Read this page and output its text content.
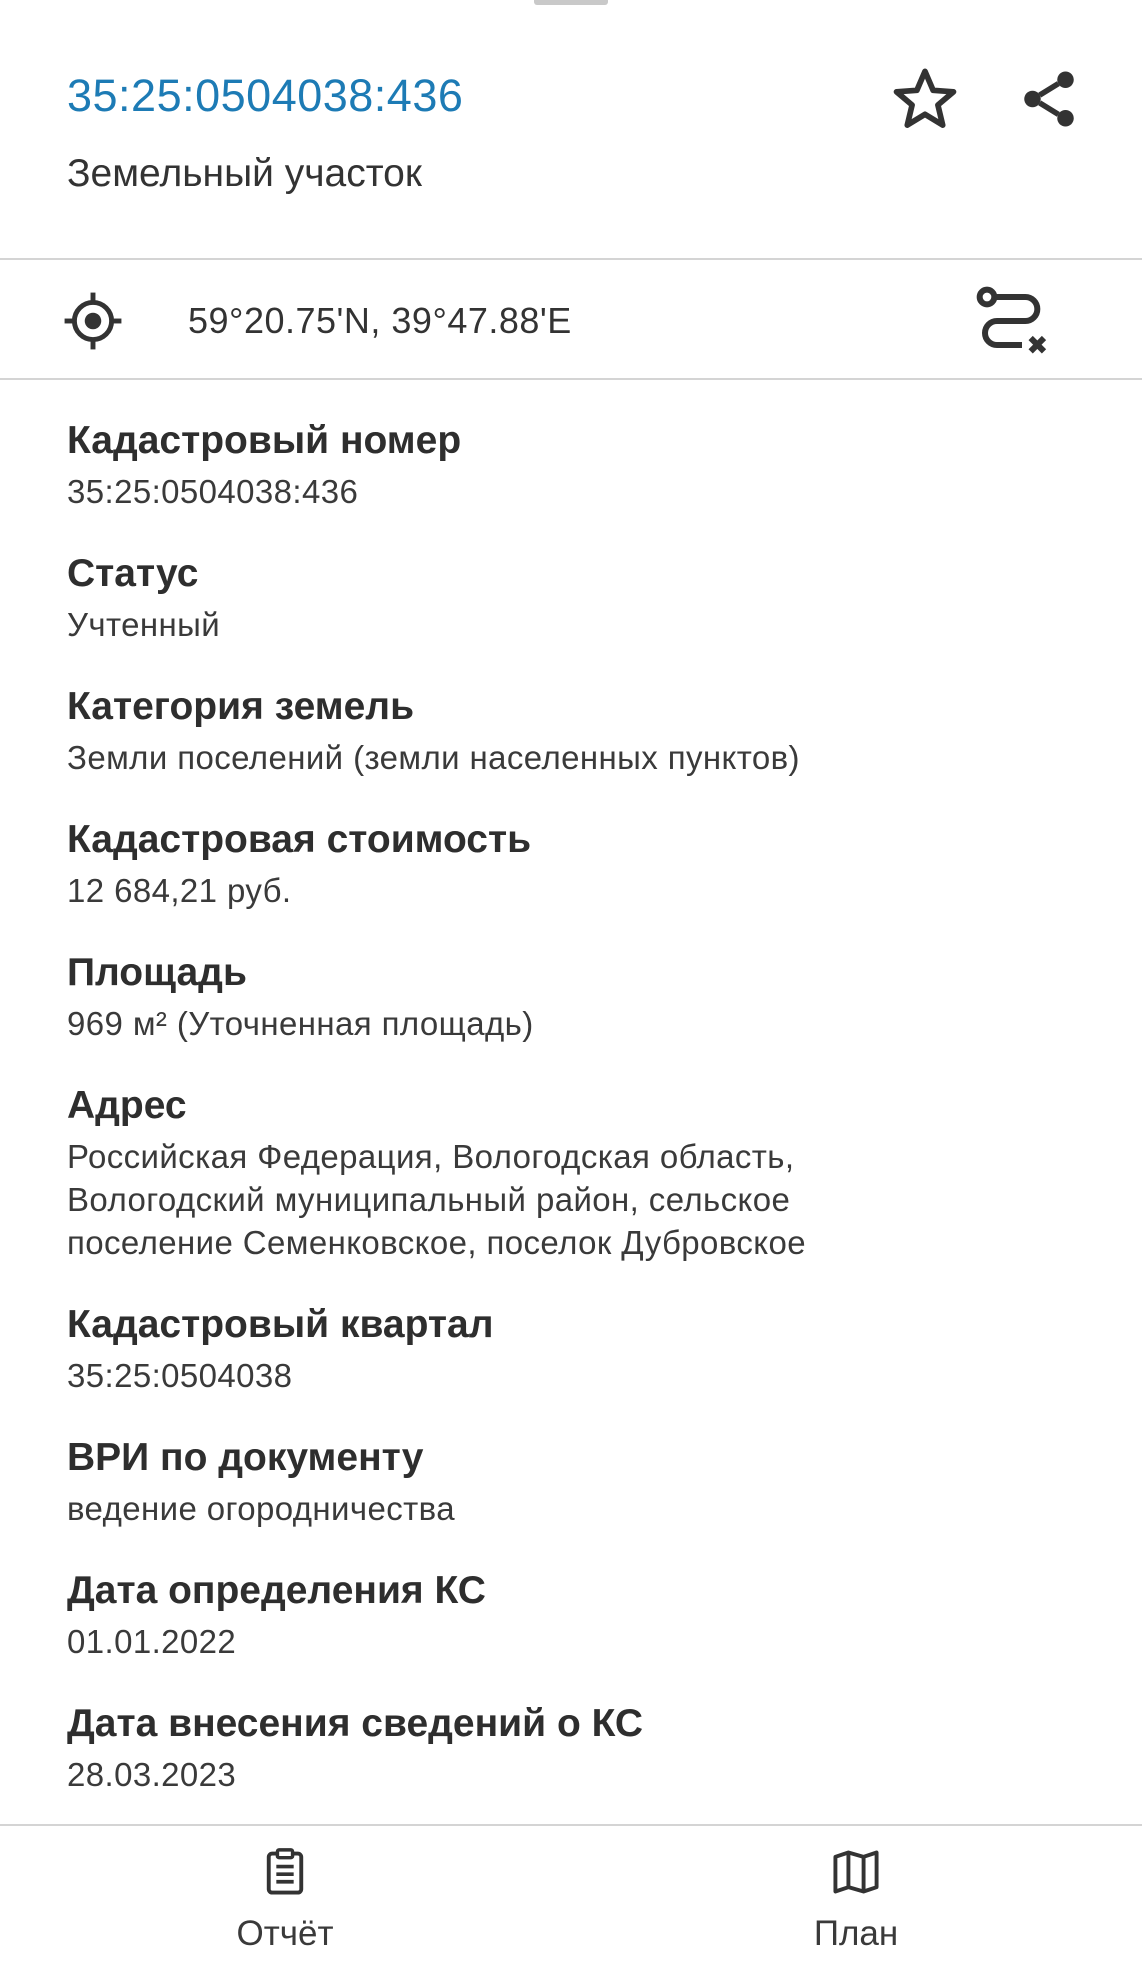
35:25:0504038:436
Земельный участок
59°20.75'N, 39°47.88'E
Кадастровый номер
35:25:0504038:436
Статус
Учтенный
Категория земель
Земли поселений (земли населенных пунктов)
Кадастровая стоимость
12 684,21 руб.
Площадь
969 м² (Уточненная площадь)
Адрес
Российская Федерация, Вологодская область,
Вологодский муниципальный район, сельское
поселение Семенковское, поселок Дубровское
Кадастровый квартал
35:25:0504038
ВРИ по документу
ведение огородничества
Дата определения КС
01.01.2022
Дата внесения сведений о КС
28.03.2023
Отчёт	План
